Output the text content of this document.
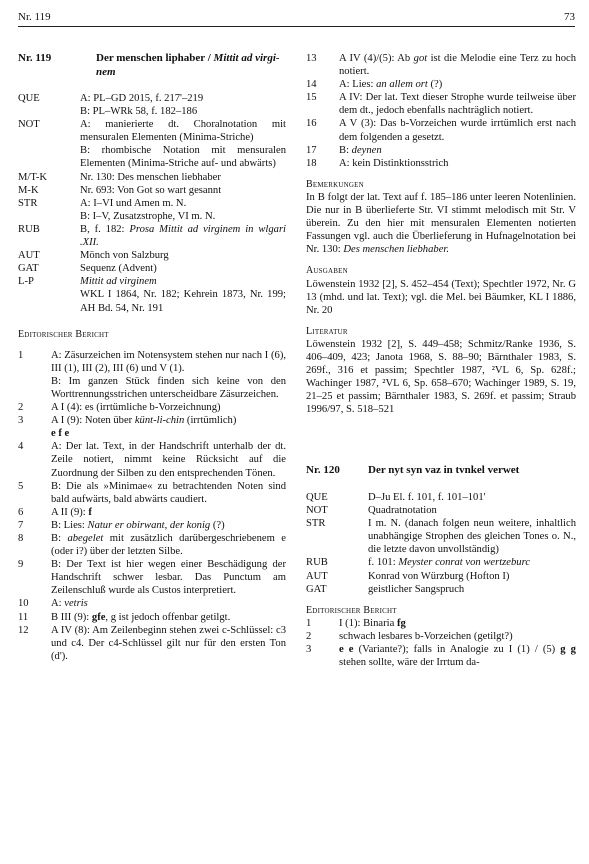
Nr. 119	73
Nr. 119	Der menschen liphaber / Mittit ad virgi-nem
QUE	A: PL–GD 2015, f. 217'–219
B: PL–WRk 58, f. 182–186
NOT	A: manierierte dt. Choralnotation mit mensuralen Elementen (Minima-Striche)
B: rhombische Notation mit mensuralen Elementen (Minima-Striche auf- und abwärts)
M/T-K	Nr. 130: Des menschen liebhaber
M-K	Nr. 693: Von Got so wart gesannt
STR	A: I–VI und Amen m. N.
B: I–V, Zusatzstrophe, VI m. N.
RUB	B, f. 182: Prosa Mittit ad virginem in wlgari .XII.
AUT	Mönch von Salzburg
GAT	Sequenz (Advent)
L-P	Mittit ad virginem
WKL I 1864, Nr. 182; Kehrein 1873, Nr. 199; AH Bd. 54, Nr. 191
Editorischer Bericht
1	A: Zäsurzeichen im Notensystem stehen nur nach I (6), III (1), III (2), III (6) und V (1).
B: Im ganzen Stück finden sich keine von den Worttrennungsstrichen unterscheidbare Zäsurzeichen.
2	A I (4): es (irrtümliche b-Vorzeichnung)
3	A I (9): Noten über künt-li-chin (irrtümlich)
e f e
4	A: Der lat. Text, in der Handschrift unterhalb der dt. Zeile notiert, nimmt keine Rücksicht auf die Zuordnung der Silben zu den entsprechenden Tönen.
5	B: Die als »Minimae« zu betrachtenden Noten sind bald aufwärts, bald abwärts caudiert.
6	A II (9): f
7	B: Lies: Natur er obirwant, der konig (?)
8	B: abegelet mit zusätzlich darübergeschriebenem e (oder i?) über der letzten Silbe.
9	B: Der Text ist hier wegen einer Beschädigung der Handschrift schwer lesbar. Das Punctum am Zeilenschluß wurde als Custos interpretiert.
10	A: vetris
11	B III (9): gfe, g ist jedoch offenbar getilgt.
12	A IV (8): Am Zeilenbeginn stehen zwei c-Schlüssel: c3 und c4. Der c4-Schlüssel gilt nur für den ersten Ton (d').
13	A IV (4)/(5): Ab got ist die Melodie eine Terz zu hoch notiert.
14	A: Lies: an allem ort (?)
15	A IV: Der lat. Text dieser Strophe wurde teilweise über dem dt., jedoch ebenfalls nachträglich notiert.
16	A V (3): Das b-Vorzeichen wurde irrtümlich erst nach dem folgenden a gesetzt.
17	B: deynen
18	A: kein Distinktionsstrich
Bemerkungen
In B folgt der lat. Text auf f. 185–186 unter leeren Notenlinien. Die nur in B überlieferte Str. VI stimmt melodisch mit Str. V überein. Zu den hier mit mensuralen Elementen notierten Fassungen vgl. auch die Überlieferung in Hufnagelnotation bei Nr. 130: Des menschen liebhaber.
Ausgaben
Löwenstein 1932 [2], S. 452–454 (Text); Spechtler 1972, Nr. G 13 (mhd. und lat. Text); vgl. die Mel. bei Bäumker, KL I 1886, Nr. 20
Literatur
Löwenstein 1932 [2], S. 449–458; Schmitz/Ranke 1936, S. 406–409, 423; Janota 1968, S. 88–90; Bärnthaler 1983, S. 269f., 316 et passim; Spechtler 1987, ²VL 6, Sp. 628f.; Wachinger 1987, ²VL 6, Sp. 658–670; Wachinger 1989, S. 19, 21–25 et passim; Bärnthaler 1983, S. 269f. et passim; Straub 1996/97, S. 518–521
Nr. 120	Der nyt syn vaz in tvnkel verwet
QUE	D–Ju El. f. 101, f. 101–101'
NOT	Quadratnotation
STR	I m. N. (danach folgen neun weitere, inhaltlich unabhängige Strophen des gleichen Tones o. N., die letzte davon unvollständig)
RUB	f. 101: Meyster conrat von wertzeburc
AUT	Konrad von Würzburg (Hofton I)
GAT	geistlicher Sangspruch
Editorischer Bericht
1	I (1): Binaria fg
2	schwach lesbares b-Vorzeichen (getilgt?)
3	e e (Variante?); falls in Analogie zu I (1) / (5) g g stehen sollte, wäre der Irrtum da-
